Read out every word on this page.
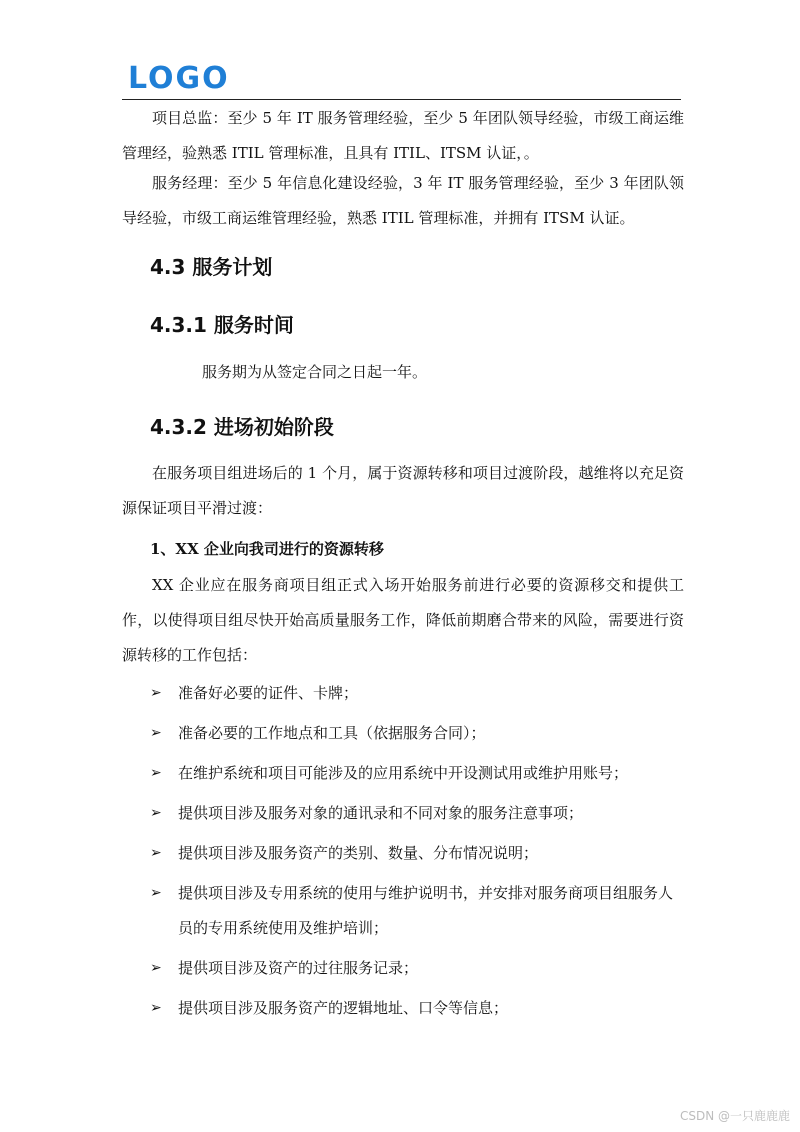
LOGO

项目总监：至少 5 年 IT 服务管理经验，至少 5 年团队领导经验，市级工商运维管理经，验熟悉 ITIL 管理标准，且具有 ITIL、ITSM 认证，。

服务经理：至少 5 年信息化建设经验，3 年 IT 服务管理经验，至少 3 年团队领导经验，市级工商运维管理经验，熟悉 ITIL 管理标准，并拥有 ITSM 认证。

4.3 服务计划
4.3.1 服务时间

服务期为从签定合同之日起一年。

4.3.2 进场初始阶段

在服务项目组进场后的 1 个月，属于资源转移和项目过渡阶段，越维将以充足资源保证项目平滑过渡：

1、XX 企业向我司进行的资源转移

XX 企业应在服务商项目组正式入场开始服务前进行必要的资源移交和提供工作，以使得项目组尽快开始高质量服务工作，降低前期磨合带来的风险，需要进行资源转移的工作包括：

➢ 准备好必要的证件、卡牌；
➢ 准备必要的工作地点和工具（依据服务合同）；
➢ 在维护系统和项目可能涉及的应用系统中开设测试用或维护用账号；
➢ 提供项目涉及服务对象的通讯录和不同对象的服务注意事项；
➢ 提供项目涉及服务资产的类别、数量、分布情况说明；
➢ 提供项目涉及专用系统的使用与维护说明书，并安排对服务商项目组服务人员的专用系统使用及维护培训；
➢ 提供项目涉及资产的过往服务记录；
➢ 提供项目涉及服务资产的逻辑地址、口令等信息；
CSDN @一只鹿鹿鹿
